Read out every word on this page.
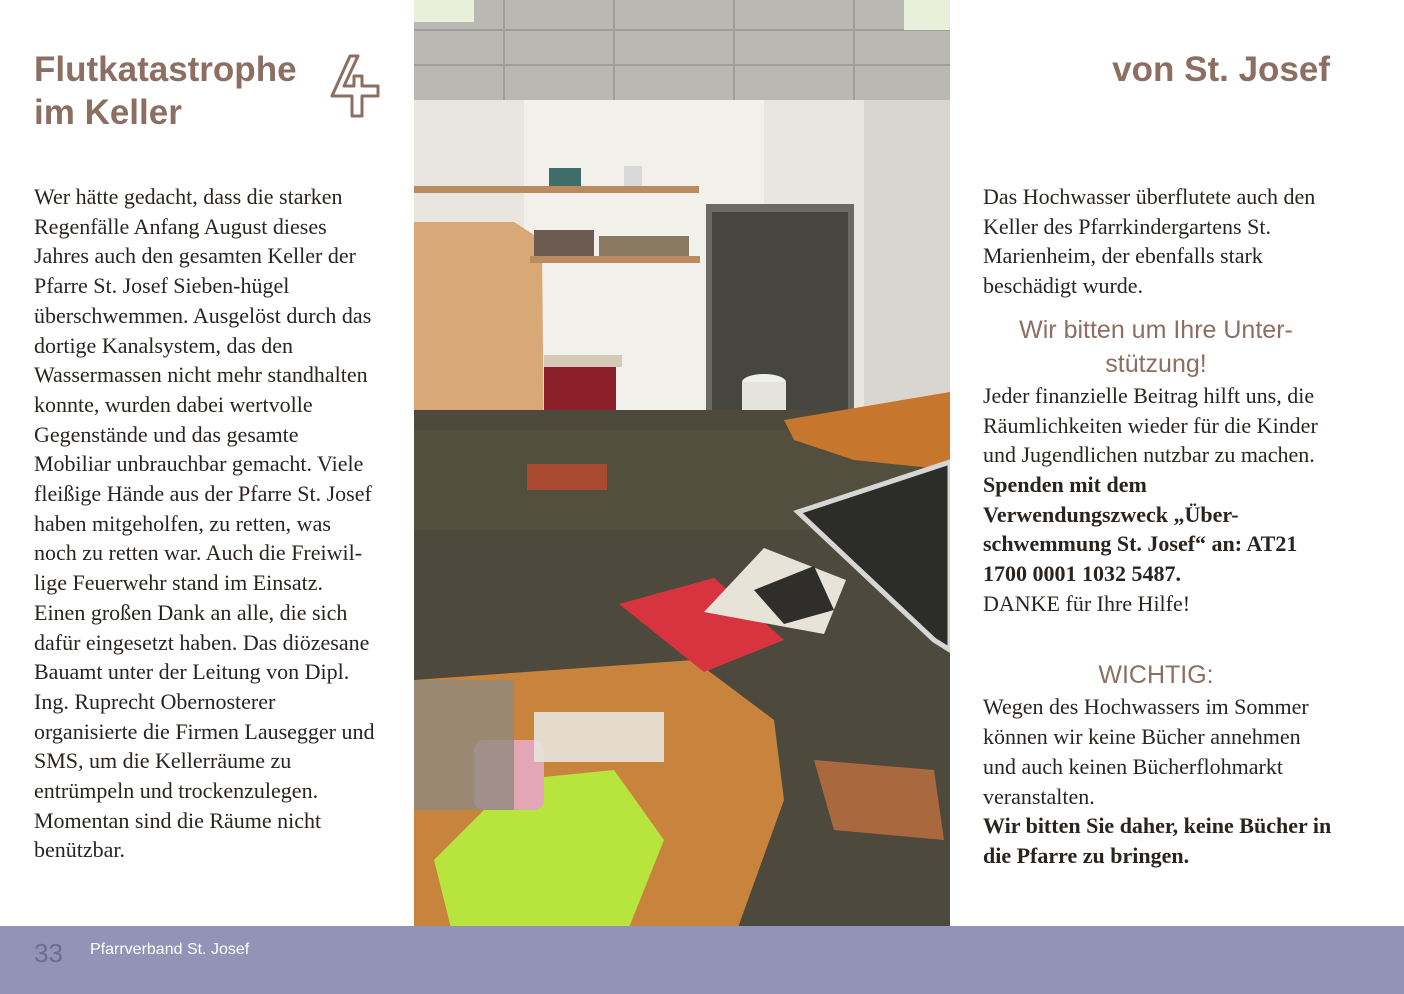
Flutkatastrophe
im Keller

Wer hätte gedacht, dass die starken Regenfälle Anfang August dieses Jahres auch den gesamten Keller der Pfarre St. Josef Sieben-hügel überschwemmen. Ausgelöst durch das dortige Kanalsystem, das den Wassermassen nicht mehr standhalten konnte, wurden dabei wertvolle Gegenstände und das gesamte Mobiliar unbrauchbar gemacht. Viele fleißige Hände aus der Pfarre St. Josef haben mitgeholfen, zu retten, was noch zu retten war. Auch die Freiwil-lige Feuerwehr stand im Einsatz. Einen großen Dank an alle, die sich dafür eingesetzt haben. Das diözesane Bauamt unter der Leitung von Dipl. Ing. Ruprecht Obernosterer organisierte die Firmen Lausegger und SMS, um die Kellerräume zu entrümpeln und trockenzulegen. Momentan sind die Räume nicht benützbar.

von St. Josef

Das Hochwasser überflutete auch den Keller des Pfarrkindergartens St. Marienheim, der ebenfalls stark beschädigt wurde.

Wir bitten um Ihre Unter-stützung!

Jeder finanzielle Beitrag hilft uns, die Räumlichkeiten wieder für die Kinder und Jugendlichen nutzbar zu machen. Spenden mit dem Verwendungszweck „Über-schwemmung St. Josef“ an: AT21 1700 0001 1032 5487.
DANKE für Ihre Hilfe!

WICHTIG:

Wegen des Hochwassers im Sommer können wir keine Bücher annehmen und auch keinen Bücherflohmarkt veranstalten.
Wir bitten Sie daher, keine Bücher in die Pfarre zu bringen.

33 Pfarrverband St. Josef
